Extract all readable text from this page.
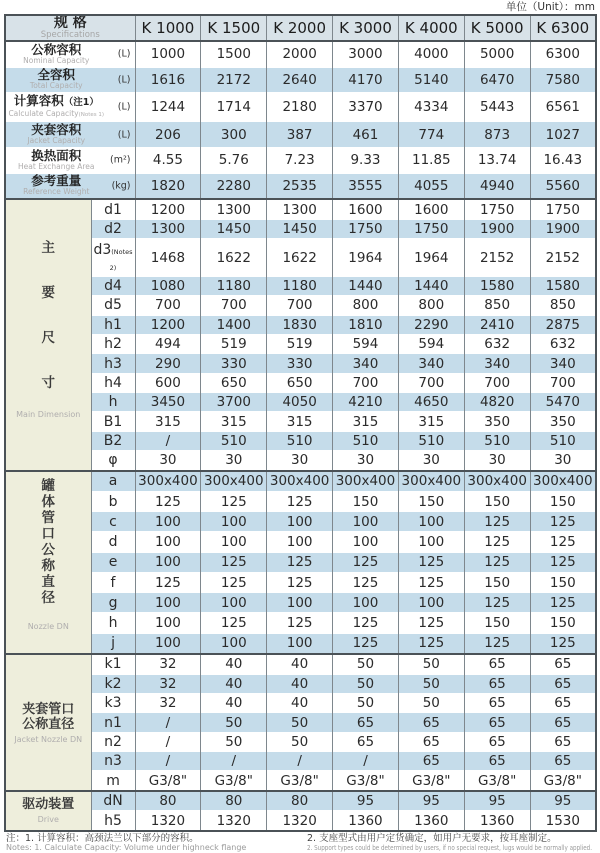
单位（Unit）：mm
规 格
Specifications		K 1000	K 1500	K 2000	K 3000	K 4000	K 5000	K 6300

公称容积
Nominal Capacity
(L)		1000	1500	2000	3000	4000	5000	6300

全容积
Total Capacity
(L)		1616	2172	2640	4170	5140	6470	7580

计算容积（注1）
Calculate Capacity(Notes 1)
(L)		1244	1714	2180	3370	4334	5443	6561

夹套容积
Jacket Capacity
(L)		206	300	387	461	774	873	1027

换热面积
Heat Exchange Area
(m²)		4.55	5.76	7.23	9.33	11.85	13.74	16.43

参考重量
Reference Weight
(kg)		1820	2280	2535	3555	4055	4940	5560

主
要
尺
寸
Main Dimension	d1	1200	1300	1300	1600	1600	1750	1750
	d2	1300	1450	1450	1750	1750	1900	1900
	d3(Notes 2)	1468	1622	1622	1964	1964	2152	2152
	d4	1080	1180	1180	1440	1440	1580	1580
	d5	700	700	700	800	800	850	850
	h1	1200	1400	1830	1810	2290	2410	2875
	h2	494	519	519	594	594	632	632
	h3	290	330	330	340	340	340	340
	h4	600	650	650	700	700	700	700
	h	3450	3700	4050	4210	4650	4820	5470
	B1	315	315	315	315	315	350	350
	B2	/	510	510	510	510	510	510
	φ	30	30	30	30	30	30	30

罐
体
管
口
公
称
直
径
Nozzle DN
	a	300x400	300x400	300x400	300x400	300x400	300x400	300x400
	b	125	125	125	150	150	150	150
	c	100	100	100	100	100	125	125
	d	100	100	100	100	100	125	125
	e	100	125	125	125	125	125	125
	f	125	125	125	125	125	150	150
	g	100	100	100	100	100	125	125
	h	100	125	125	125	125	150	150
	j	100	100	100	125	125	125	125

夹套管口
公称直径
Jacket Nozzle DN	k1	32	40	40	50	50	65	65
	k2	32	40	40	50	50	65	65
	k3	32	40	40	50	50	65	65
	n1	/	50	50	65	65	65	65
	n2	/	50	50	65	65	65	65
	n3	/	/	/	/	65	65	65
	m	G3/8"	G3/8"	G3/8"	G3/8"	G3/8"	G3/8"	G3/8"

驱动装置
Drive	dN	80	80	80	95	95	95	95
	h5	1320	1320	1320	1360	1360	1360	1530
注：1. 计算容积：高颈法兰以下部分的容积。
Notes: 1. Calculate Capacity: Volume under highneck flange
2. 支座型式由用户定货确定，如用户无要求，按耳座制定。
2. Support types could be determined by users, if no special request, lugs would be normally applied.
